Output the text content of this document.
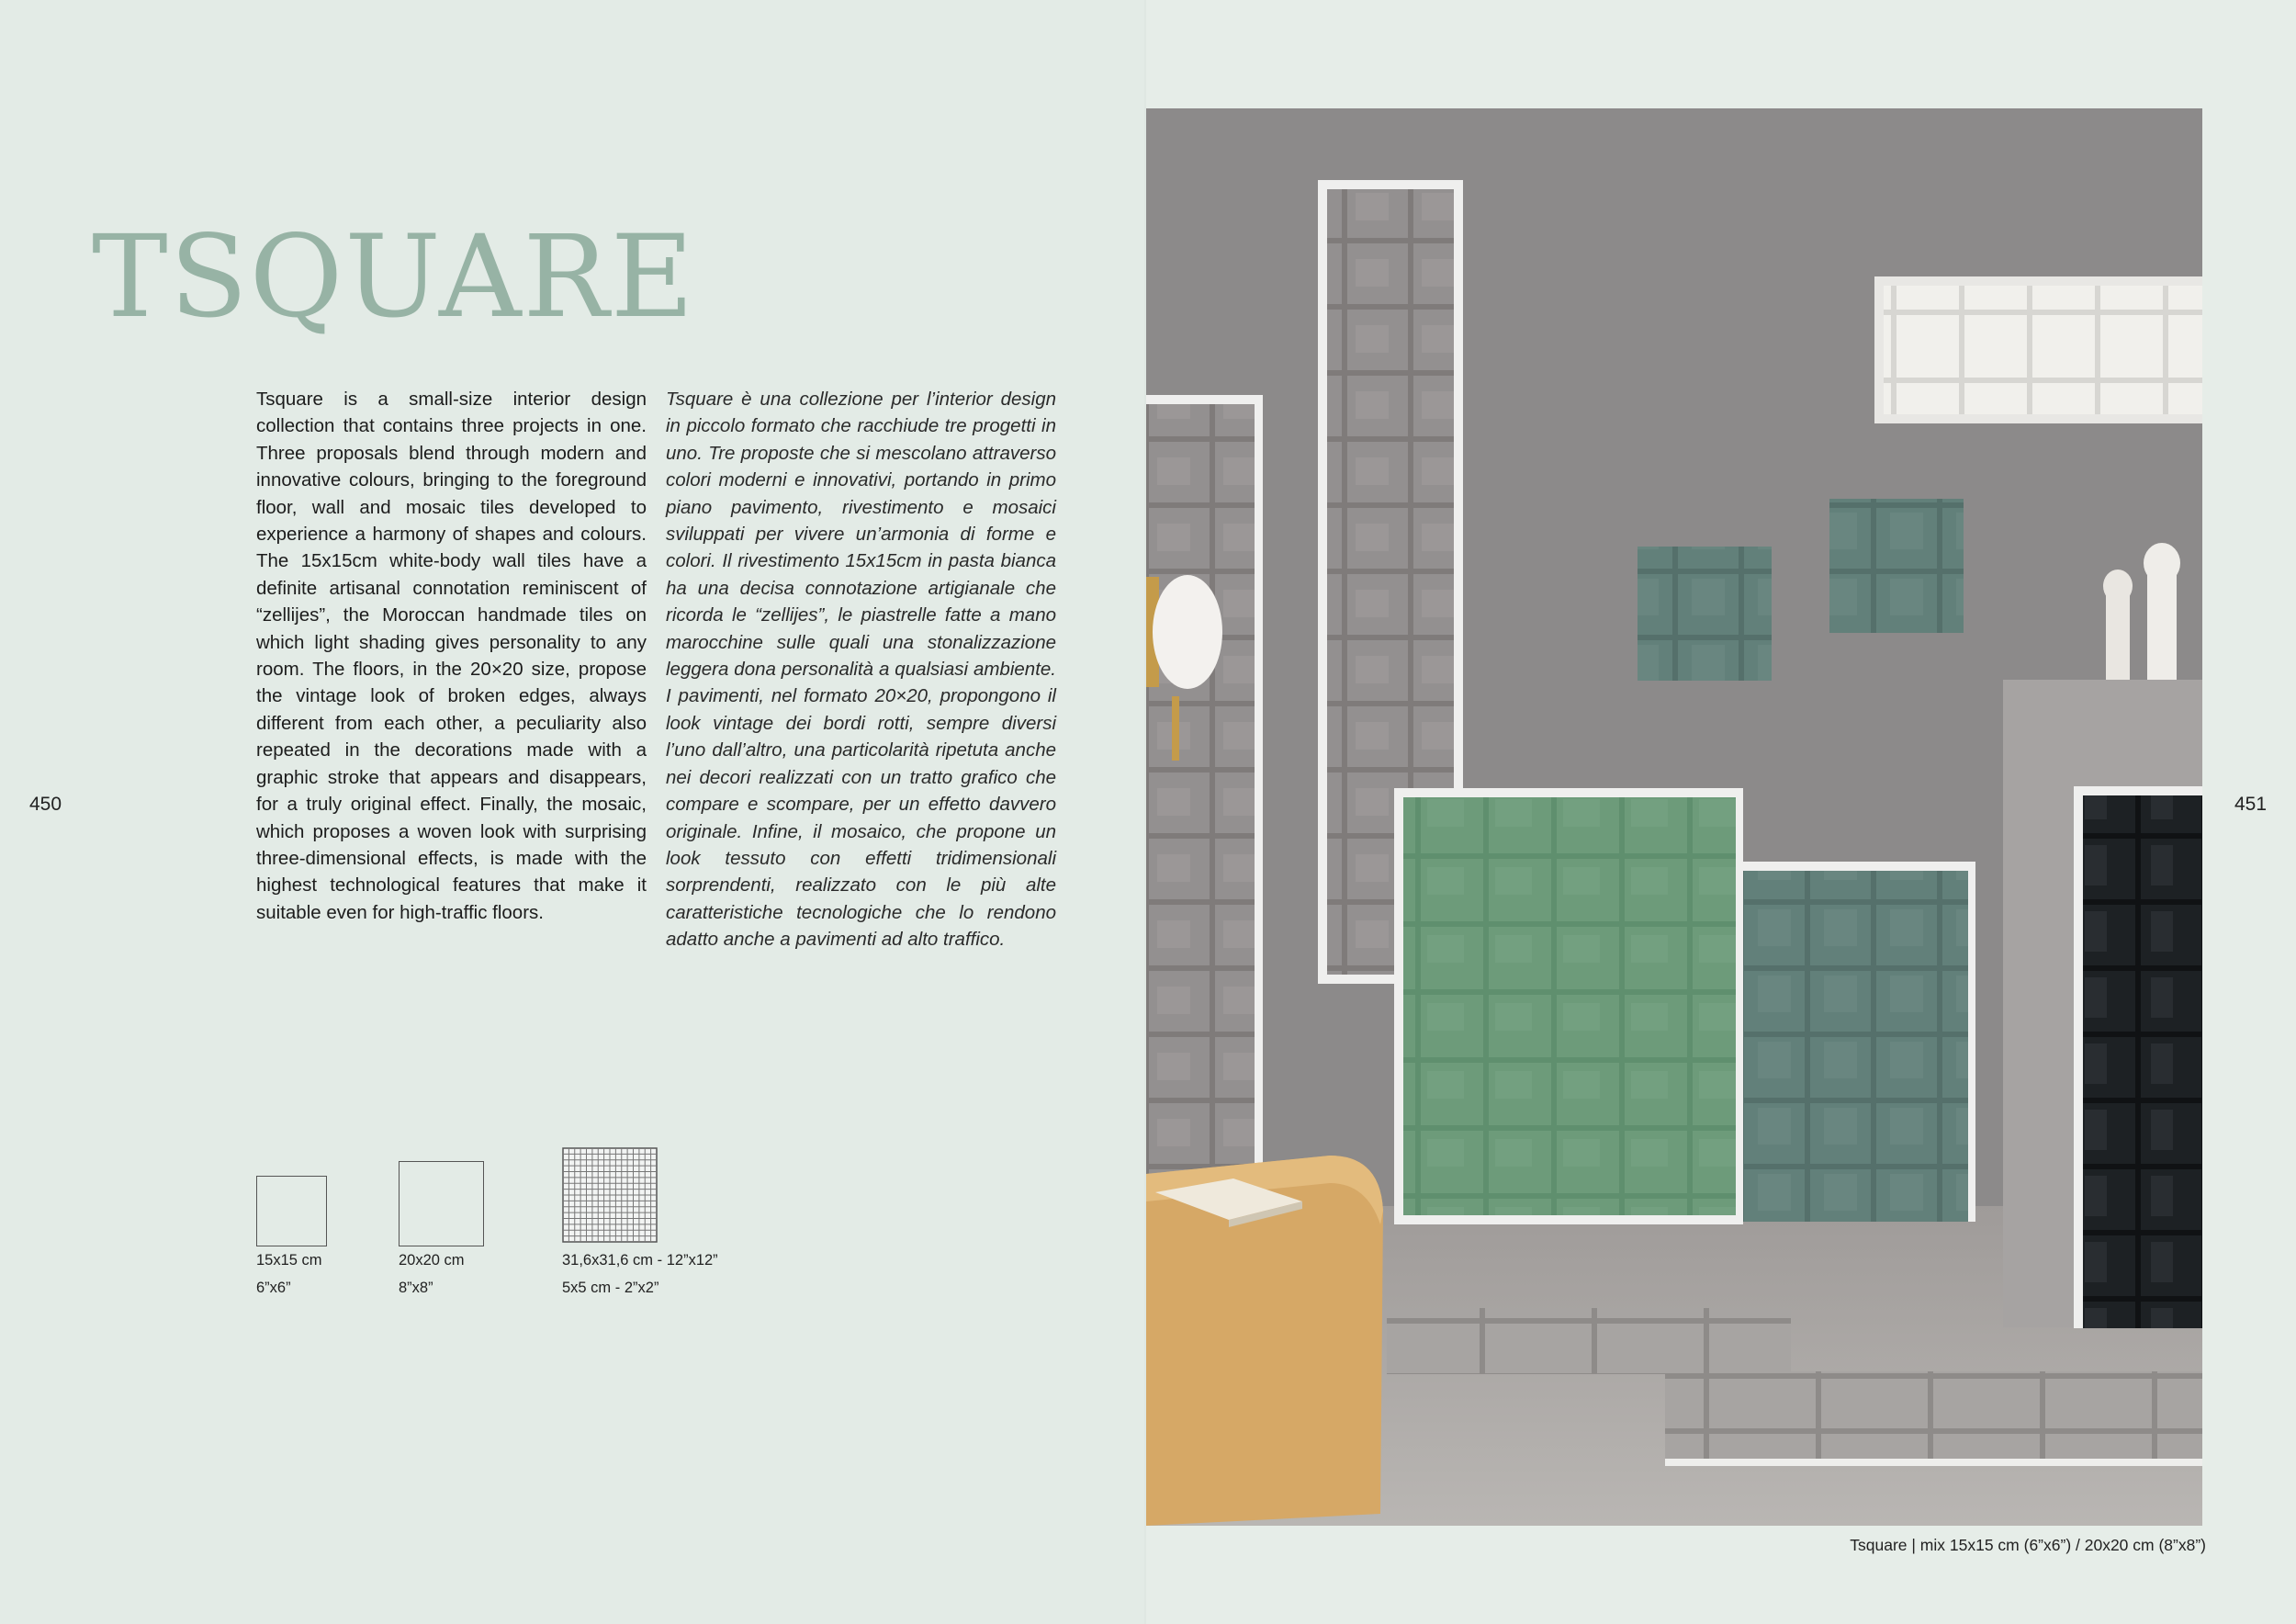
TSQUARE
Tsquare is a small-size interior design collection that contains three projects in one. Three proposals blend through modern and innovative colours, bringing to the foreground floor, wall and mosaic tiles developed to experience a harmony of shapes and colours. The 15x15cm white-body wall tiles have a definite artisanal connotation reminiscent of “zellijes”, the Moroccan handmade tiles on which light shading gives personality to any room. The floors, in the 20×20 size, propose the vintage look of broken edges, always different from each other, a peculiarity also repeated in the decorations made with a graphic stroke that appears and disappears, for a truly original effect. Finally, the mosaic, which proposes a woven look with surprising three-dimensional effects, is made with the highest technological features that make it suitable even for high-traffic floors.
Tsquare è una collezione per l’interior design in piccolo formato che racchiude tre progetti in uno. Tre proposte che si mescolano attraverso colori moderni e innovativi, portando in primo piano pavimento, rivestimento e mosaici sviluppati per vivere un’armonia di forme e colori. Il rivestimento 15x15cm in pasta bianca ha una decisa connotazione artigianale che ricorda le “zellijes”, le piastrelle fatte a mano marocchine sulle quali una stonalizzazione leggera dona personalità a qualsiasi ambiente. I pavimenti, nel formato 20×20, propongono il look vintage dei bordi rotti, sempre diversi l’uno dall’altro, una particolarità ripetuta anche nei decori realizzati con un tratto grafico che compare e scompare, per un effetto davvero originale. Infine, il mosaico, che propone un look tessuto con effetti tridimensionali sorprendenti, realizzato con le più alte caratteristiche tecnologiche che lo rendono adatto anche a pavimenti ad alto traffico.
450	451
15x15 cm
6”x6”
20x20 cm
8”x8”
31,6x31,6 cm - 12”x12”
5x5 cm - 2”x2”
Tsquare | mix 15x15 cm (6”x6”) / 20x20 cm (8”x8”)
